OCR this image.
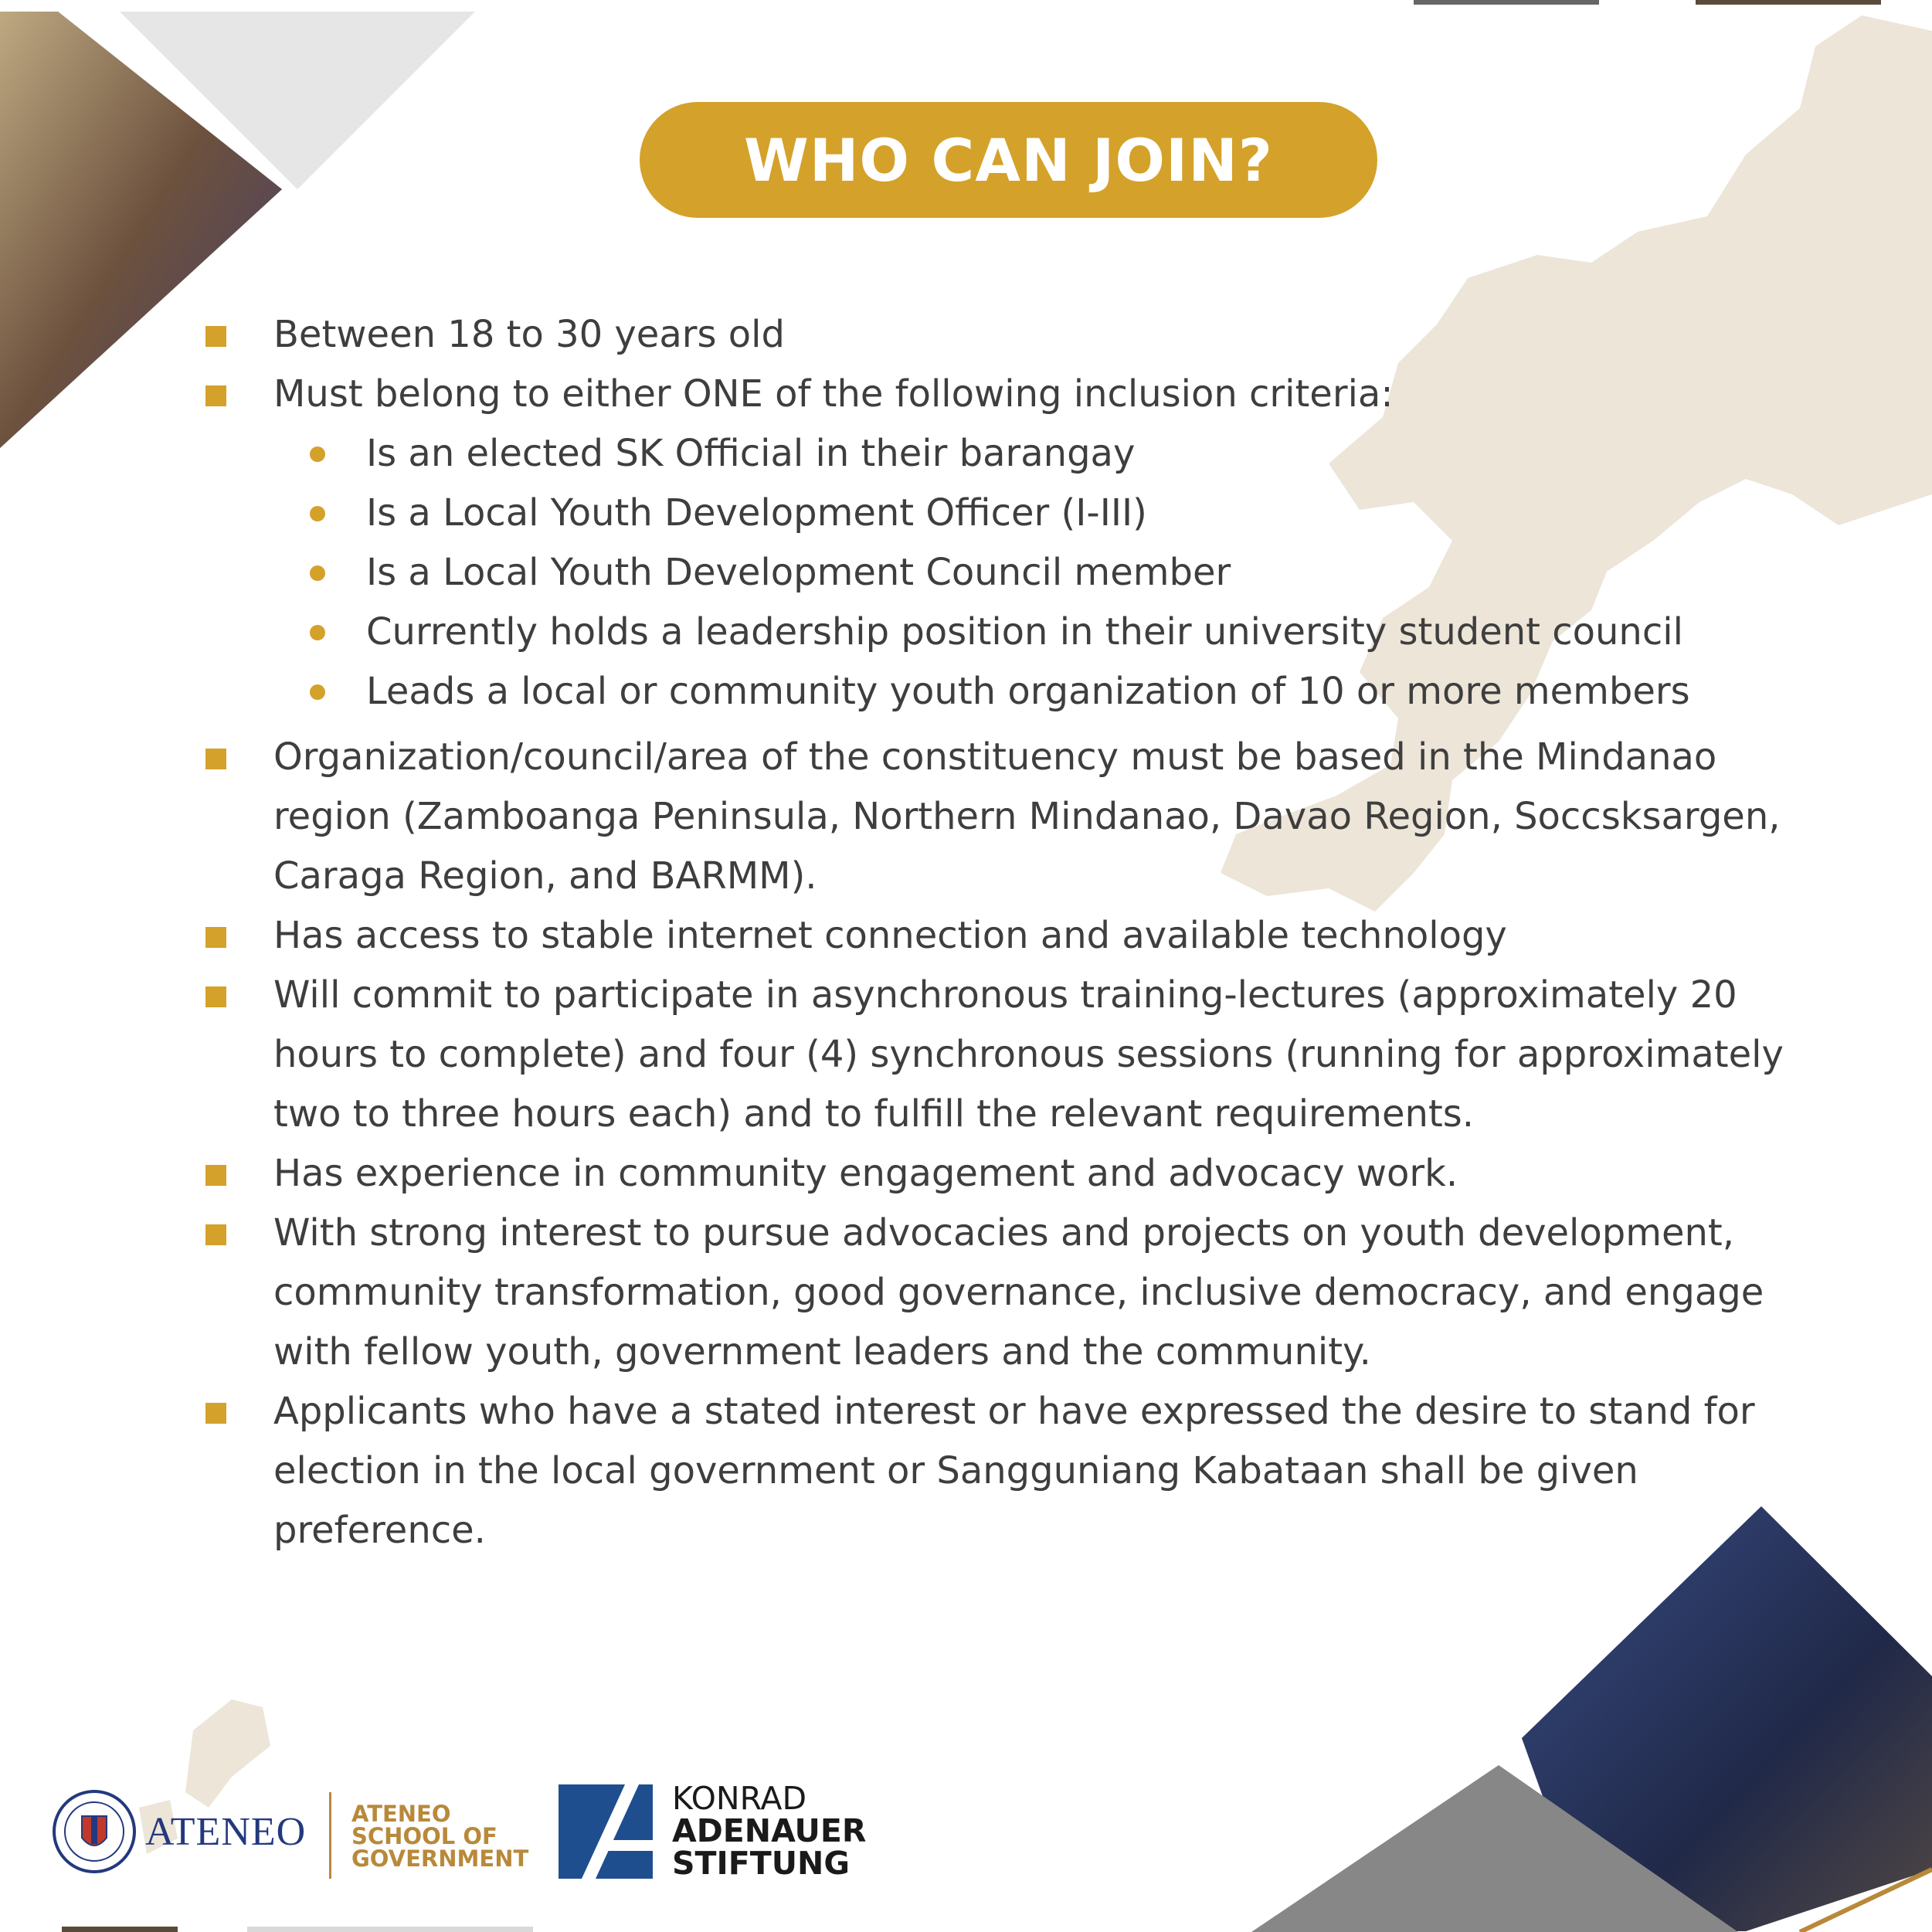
WHO CAN JOIN?
Between 18 to 30 years old
Must belong to either ONE of the following inclusion criteria:
Is an elected SK Official in their barangay
Is a Local Youth Development Officer (I-III)
Is a Local Youth Development Council member
Currently holds a leadership position in their university student council
Leads a local or community youth organization of 10 or more members
Organization/council/area of the constituency must be based in the Mindanao region (Zamboanga Peninsula, Northern Mindanao, Davao Region, Soccsksargen, Caraga Region, and BARMM).
Has access to stable internet connection and available technology
Will commit to participate in asynchronous training-lectures (approximately 20 hours to complete) and four (4) synchronous sessions (running for approximately two to three hours each) and to fulfill the relevant requirements.
Has experience in community engagement and advocacy work.
With strong interest to pursue advocacies and projects on youth development, community transformation, good governance, inclusive democracy, and engage with fellow youth, government leaders and the community.
Applicants who have a stated interest or have expressed the desire to stand for election in the local government or Sangguniang Kabataan shall be given preference.
ATENEO ATENEO
SCHOOL OF
GOVERNMENT
KONRAD
ADENAUER
STIFTUNG
